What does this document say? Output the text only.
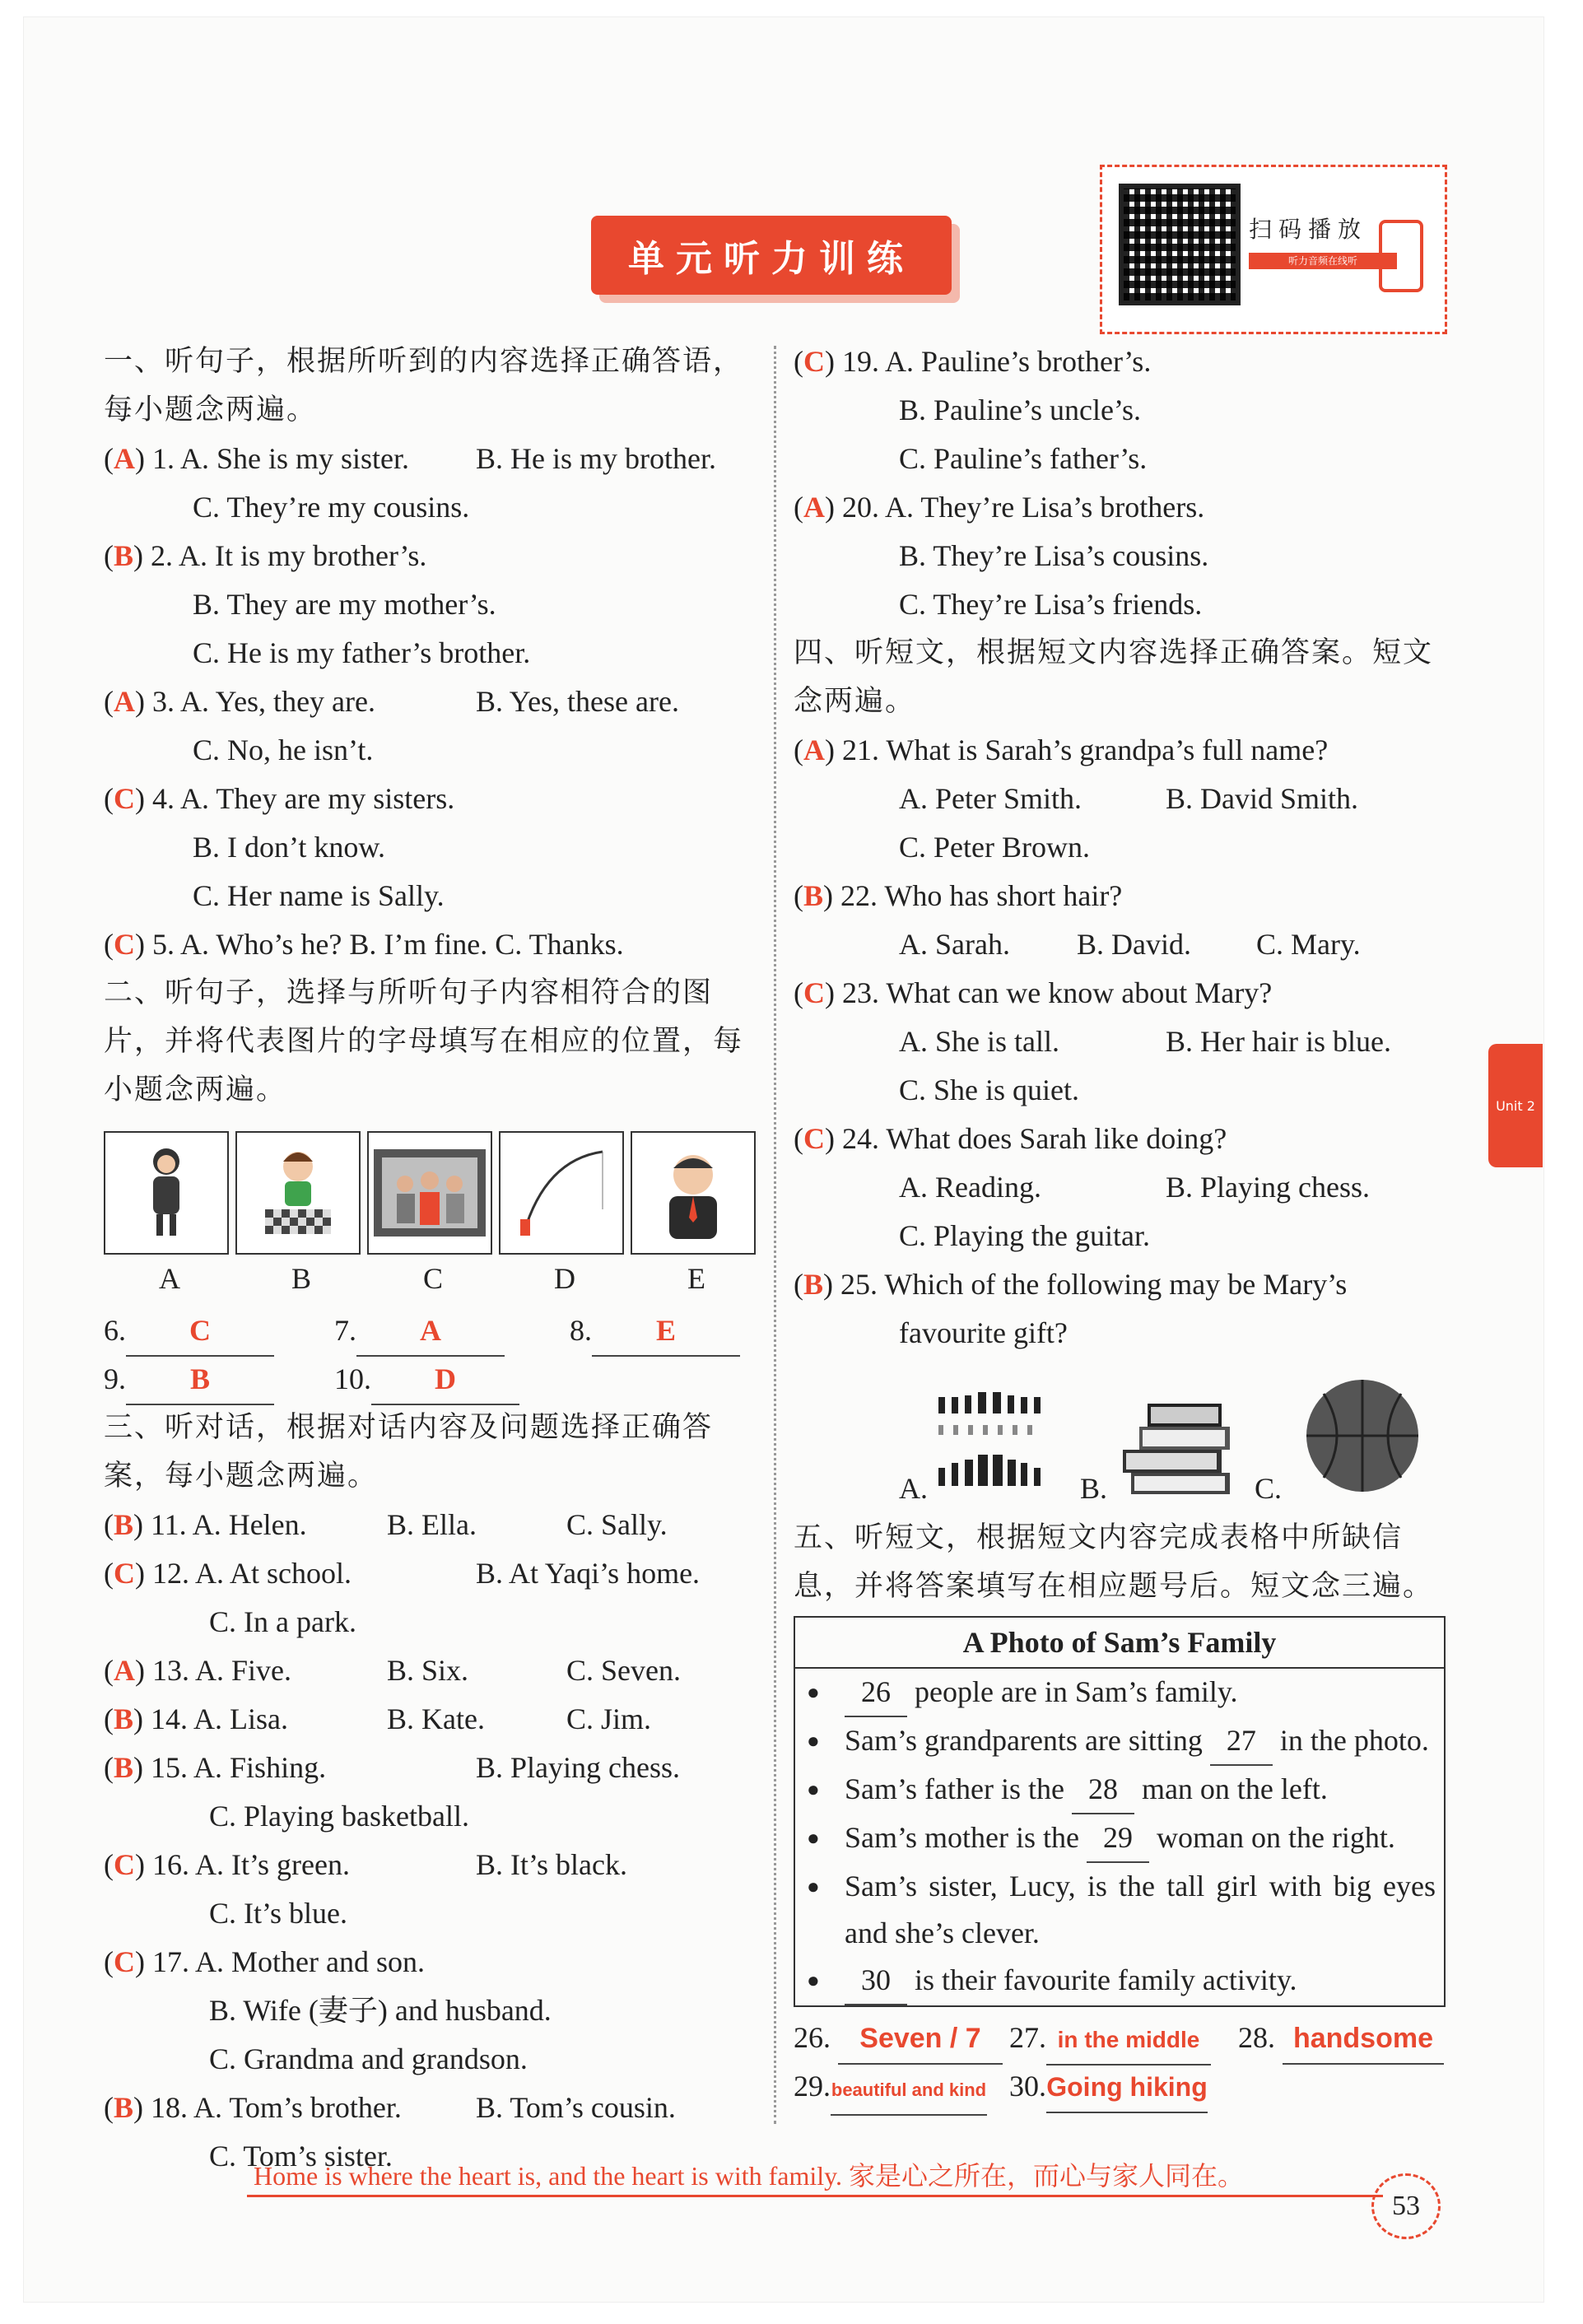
单元听力训练
扫码播放
听力音频在线听
Unit 2
一、听句子，根据所听到的内容选择正确答语，每小题念两遍。
(A) 1. A. She is my sister. B. He is my brother.
C. They’re my cousins.
(B) 2. A. It is my brother’s.
B. They are my mother’s.
C. He is my father’s brother.
(A) 3. A. Yes, they are.	B. Yes, these are.
C. No, he isn’t.
(C) 4. A. They are my sisters.
B. I don’t know.
C. Her name is Sally.
(C) 5. A. Who’s he? B. I’m fine. C. Thanks.
二、听句子，选择与所听句子内容相符合的图片，并将代表图片的字母填写在相应的位置，每小题念两遍。
A	B	C	D	E
6. C	7. A	8. E
9. B	10. D
三、听对话，根据对话内容及问题选择正确答案，每小题念两遍。
(B) 11. A. Helen.	B. Ella.	C. Sally.
(C) 12. A. At school.	B. At Yaqi’s home.
C. In a park.
(A) 13. A. Five.	B. Six.	C. Seven.
(B) 14. A. Lisa.	B. Kate.	C. Jim.
(B) 15. A. Fishing.	B. Playing chess.
C. Playing basketball.
(C) 16. A. It’s green.	B. It’s black.
C. It’s blue.
(C) 17. A. Mother and son.
B. Wife (妻子) and husband.
C. Grandma and grandson.
(B) 18. A. Tom’s brother.	B. Tom’s cousin.
C. Tom’s sister.
(C) 19. A. Pauline’s brother’s.
B. Pauline’s uncle’s.
C. Pauline’s father’s.
(A) 20. A. They’re Lisa’s brothers.
B. They’re Lisa’s cousins.
C. They’re Lisa’s friends.
四、听短文，根据短文内容选择正确答案。短文念两遍。
(A) 21. What is Sarah’s grandpa’s full name?
A. Peter Smith.	B. David Smith.
C. Peter Brown.
(B) 22. Who has short hair?
A. Sarah. B. David. C. Mary.
(C) 23. What can we know about Mary?
A. She is tall.	B. Her hair is blue.
C. She is quiet.
(C) 24. What does Sarah like doing?
A. Reading.	B. Playing chess.
C. Playing the guitar.
(B) 25. Which of the following may be Mary’s
favourite gift?
A.	B.	C.
五、听短文，根据短文内容完成表格中所缺信息，并将答案填写在相应题号后。短文念三遍。
A Photo of Sam’s Family
● 26 people are in Sam’s family.
● Sam’s grandparents are sitting 27 in the photo.
● Sam’s father is the 28 man on the left.
● Sam’s mother is the 29 woman on the right.
● Sam’s sister, Lucy, is the tall girl with big eyes and she’s clever.
● 30 is their favourite family activity.
26. Seven / 7 27. in the middle	28. handsome
29.beautiful and kind 30.Going hiking
Home is where the heart is, and the heart is with family. 家是心之所在，而心与家人同在。
53
